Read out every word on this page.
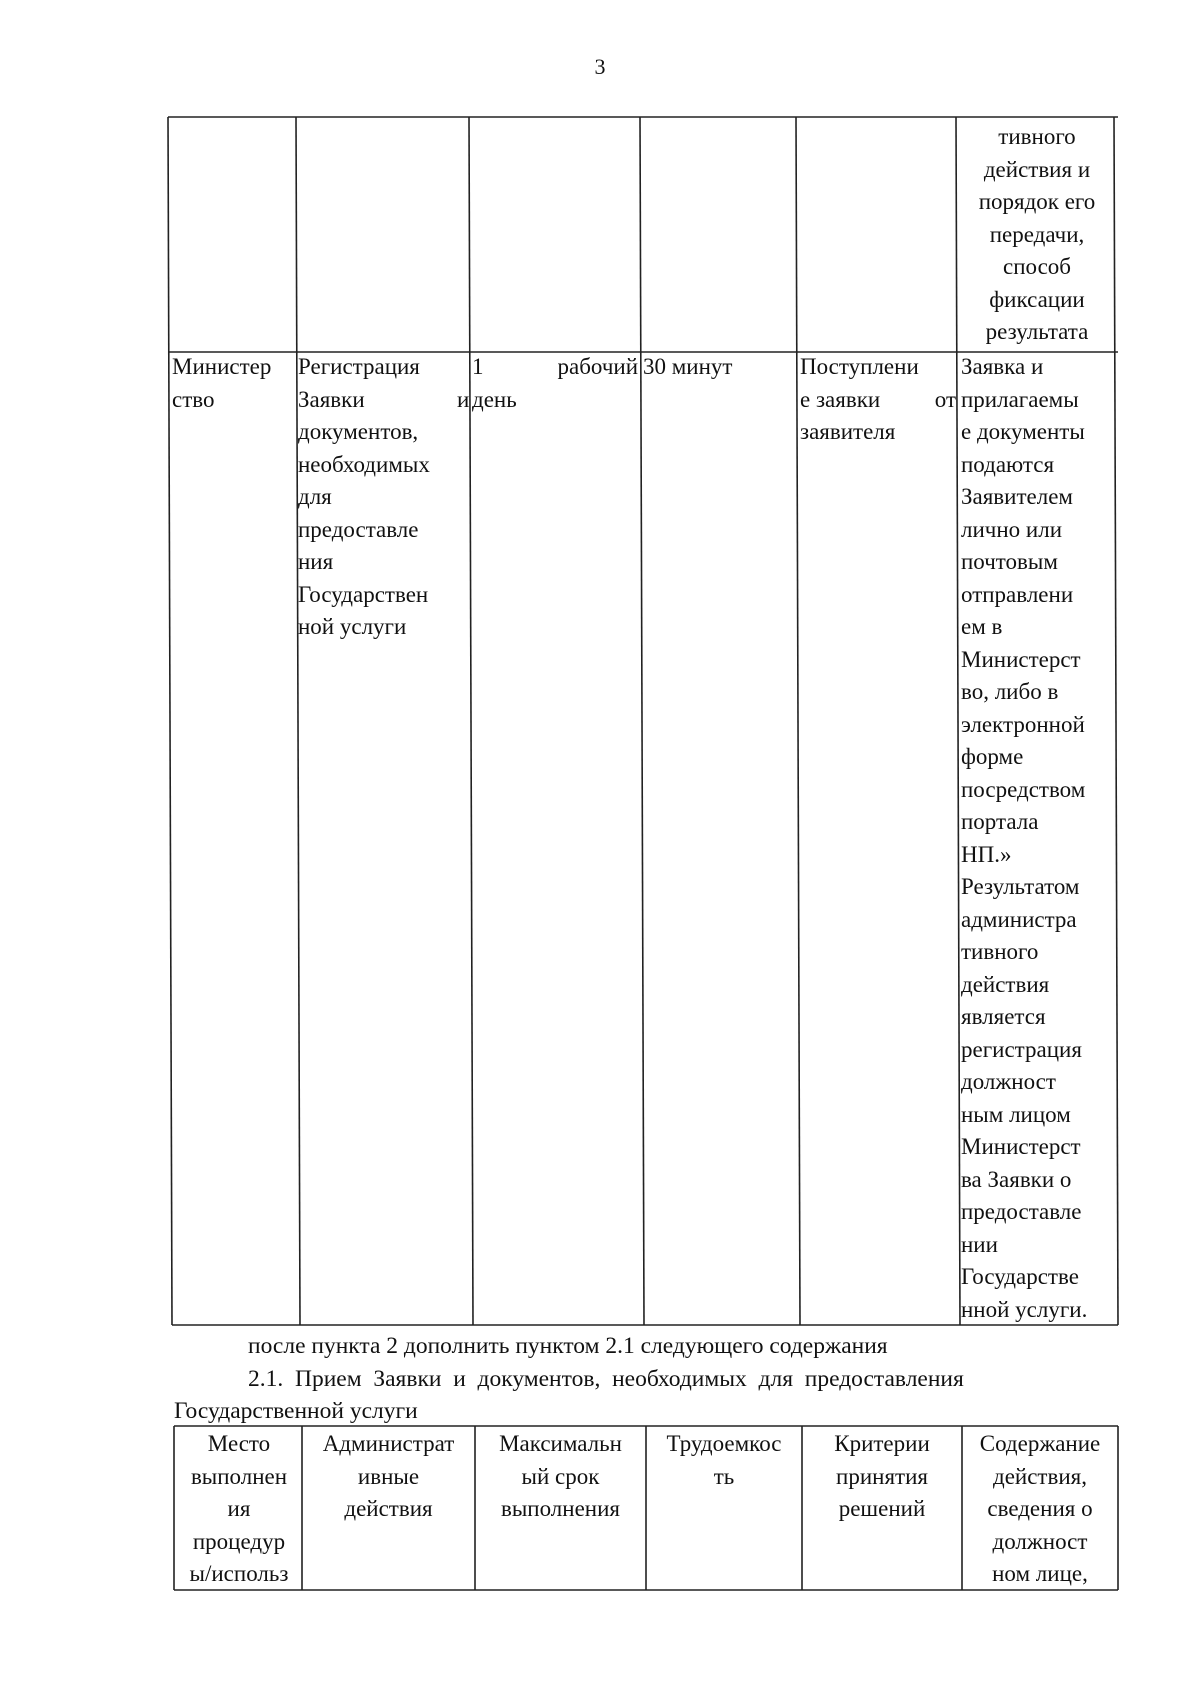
3
тивного
действия и
порядок его
передачи,
способ
фиксации
результата
Министер
ство
Регистрация 1
Заявки
документов,
необходимых
для
предоставле
ния
Государствен
ной услуги
и
рабочий
день
30 минут	Поступлени
е заявки	от
заявителя
Заявка и
прилагаемы
е документы
подаются
Заявителем
лично или
почтовым
отправлени
ем в
Министерст
во, либо в
электронной
форме
посредством
портала
НП.»
Результатом
администра
тивного
действия
является
регистрация
должност
ным лицом
Министерст
ва Заявки о
предоставле
нии
Государстве
нной услуги.
после пункта 2 дополнить пунктом 2.1 следующего содержания
2.1.  Прием  Заявки  и  документов,  необходимых  для  предоставления
Государственной услуги
Место
выполнен
ия
процедур
ы/использ
Администрат
ивные
действия
Максимальн
ый срок
выполнения
Трудоемкос
ть
Критерии
принятия
решений
Содержание
действия,
сведения о
должност
ном лице,
